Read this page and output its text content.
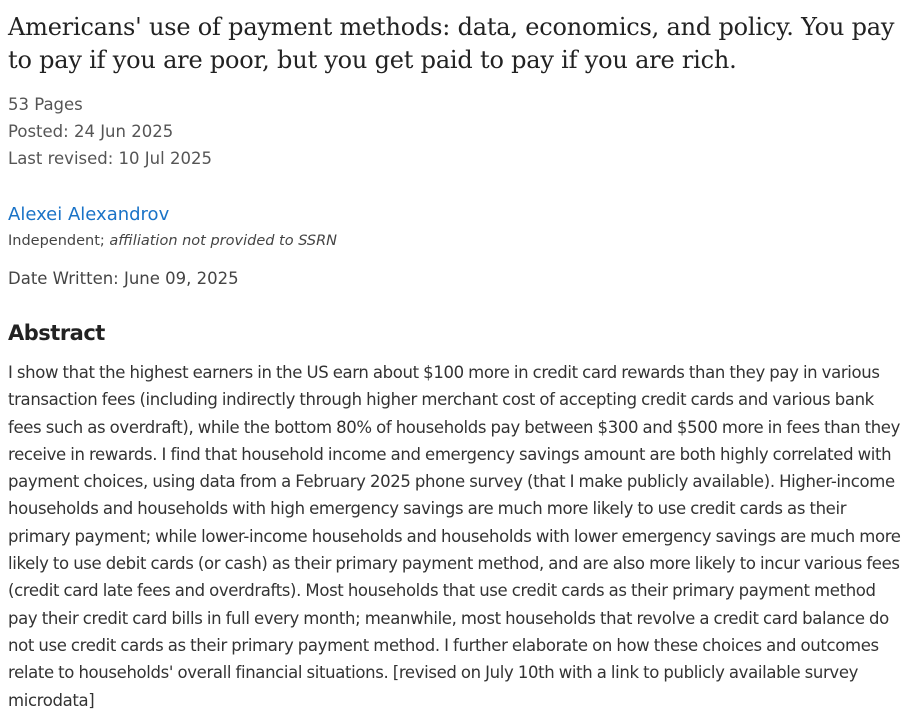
Americans' use of payment methods: data, economics, and policy. You pay to pay if you are poor, but you get paid to pay if you are rich.
53 Pages
Posted: 24 Jun 2025
Last revised: 10 Jul 2025
Alexei Alexandrov
Independent; affiliation not provided to SSRN
Date Written: June 09, 2025
Abstract
I show that the highest earners in the US earn about $100 more in credit card rewards than they pay in various transaction fees (including indirectly through higher merchant cost of accepting credit cards and various bank fees such as overdraft), while the bottom 80% of households pay between $300 and $500 more in fees than they receive in rewards. I find that household income and emergency savings amount are both highly correlated with payment choices, using data from a February 2025 phone survey (that I make publicly available). Higher-income households and households with high emergency savings are much more likely to use credit cards as their primary payment; while lower-income households and households with lower emergency savings are much more likely to use debit cards (or cash) as their primary payment method, and are also more likely to incur various fees (credit card late fees and overdrafts). Most households that use credit cards as their primary payment method pay their credit card bills in full every month; meanwhile, most households that revolve a credit card balance do not use credit cards as their primary payment method. I further elaborate on how these choices and outcomes relate to households' overall financial situations. [revised on July 10th with a link to publicly available survey microdata]
